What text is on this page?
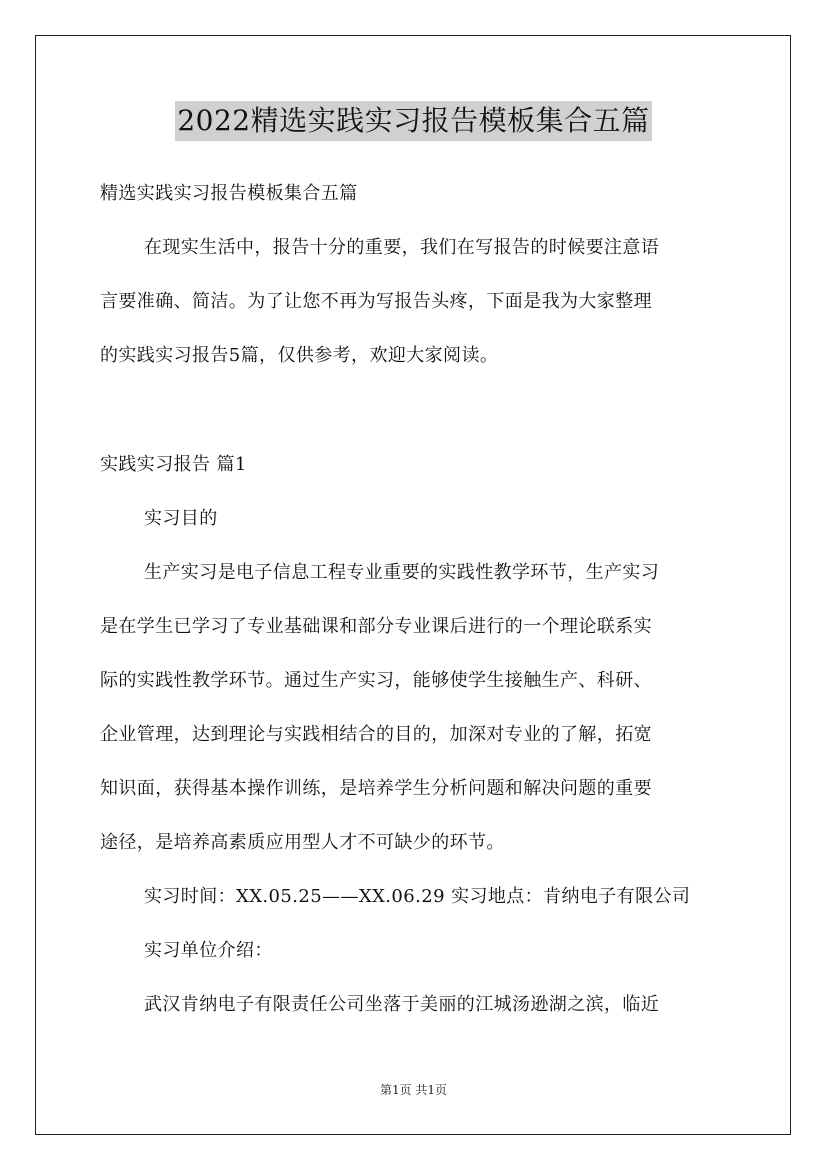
2022精选实践实习报告模板集合五篇
精选实践实习报告模板集合五篇
在现实生活中，报告十分的重要，我们在写报告的时候要注意语
言要准确、简洁。为了让您不再为写报告头疼，下面是我为大家整理
的实践实习报告5篇，仅供参考，欢迎大家阅读。
实践实习报告 篇1
实习目的
生产实习是电子信息工程专业重要的实践性教学环节，生产实习
是在学生已学习了专业基础课和部分专业课后进行的一个理论联系实
际的实践性教学环节。通过生产实习，能够使学生接触生产、科研、
企业管理，达到理论与实践相结合的目的，加深对专业的了解，拓宽
知识面，获得基本操作训练，是培养学生分析问题和解决问题的重要
途径，是培养高素质应用型人才不可缺少的环节。
实习时间：XX.05.25——XX.06.29 实习地点：肯纳电子有限公司
实习单位介绍：
武汉肯纳电子有限责任公司坐落于美丽的江城汤逊湖之滨，临近
第1页 共1页
